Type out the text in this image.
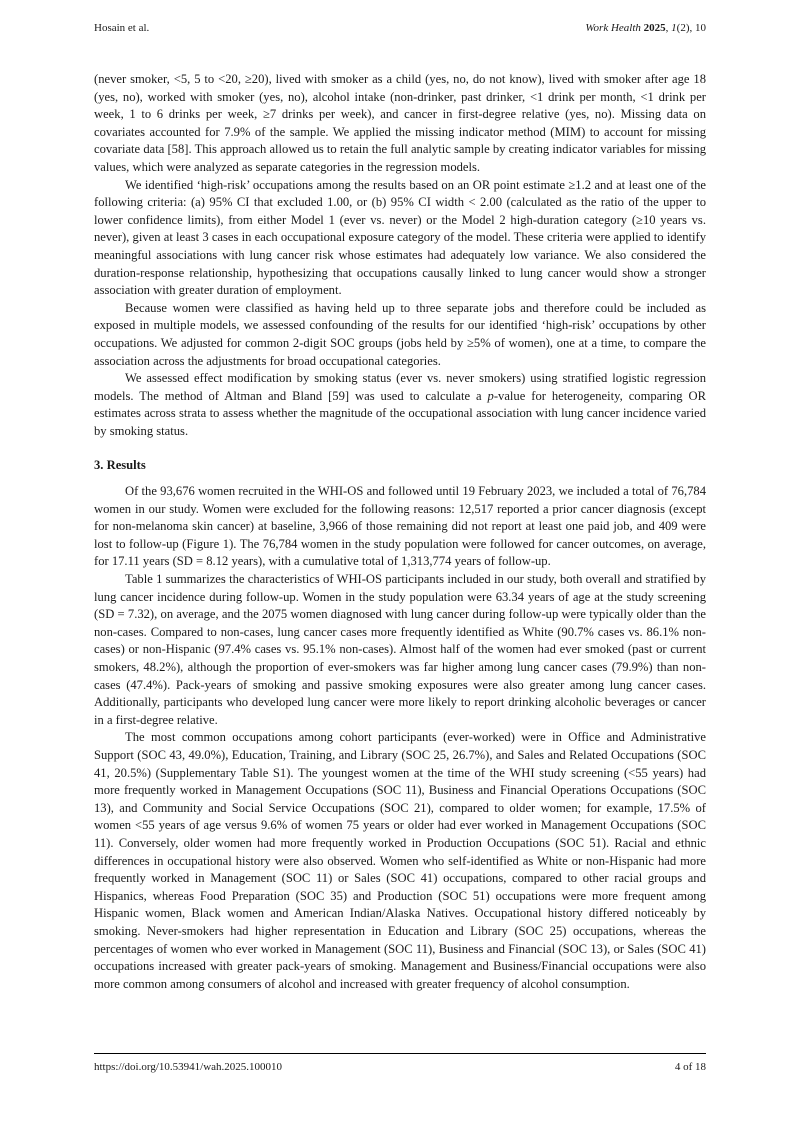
Hosain et al.	Work Health 2025, 1(2), 10

(never smoker, <5, 5 to <20, ≥20), lived with smoker as a child (yes, no, do not know), lived with smoker after age 18 (yes, no), worked with smoker (yes, no), alcohol intake (non-drinker, past drinker, <1 drink per month, <1 drink per week, 1 to 6 drinks per week, ≥7 drinks per week), and cancer in first-degree relative (yes, no). Missing data on covariates accounted for 7.9% of the sample. We applied the missing indicator method (MIM) to account for missing covariate data [58]. This approach allowed us to retain the full analytic sample by creating indicator variables for missing values, which were analyzed as separate categories in the regression models.

We identified ‘high-risk’ occupations among the results based on an OR point estimate ≥1.2 and at least one of the following criteria: (a) 95% CI that excluded 1.00, or (b) 95% CI width < 2.00 (calculated as the ratio of the upper to lower confidence limits), from either Model 1 (ever vs. never) or the Model 2 high-duration category (≥10 years vs. never), given at least 3 cases in each occupational exposure category of the model. These criteria were applied to identify meaningful associations with lung cancer risk whose estimates had adequately low variance. We also considered the duration-response relationship, hypothesizing that occupations causally linked to lung cancer would show a stronger association with greater duration of employment.

Because women were classified as having held up to three separate jobs and therefore could be included as exposed in multiple models, we assessed confounding of the results for our identified ‘high-risk’ occupations by other occupations. We adjusted for common 2-digit SOC groups (jobs held by ≥5% of women), one at a time, to compare the association across the adjustments for broad occupational categories.

We assessed effect modification by smoking status (ever vs. never smokers) using stratified logistic regression models. The method of Altman and Bland [59] was used to calculate a p-value for heterogeneity, comparing OR estimates across strata to assess whether the magnitude of the occupational association with lung cancer incidence varied by smoking status.

3. Results

Of the 93,676 women recruited in the WHI-OS and followed until 19 February 2023, we included a total of 76,784 women in our study. Women were excluded for the following reasons: 12,517 reported a prior cancer diagnosis (except for non-melanoma skin cancer) at baseline, 3,966 of those remaining did not report at least one paid job, and 409 were lost to follow-up (Figure 1). The 76,784 women in the study population were followed for cancer outcomes, on average, for 17.11 years (SD = 8.12 years), with a cumulative total of 1,313,774 years of follow-up.

Table 1 summarizes the characteristics of WHI-OS participants included in our study, both overall and stratified by lung cancer incidence during follow-up. Women in the study population were 63.34 years of age at the study screening (SD = 7.32), on average, and the 2075 women diagnosed with lung cancer during follow-up were typically older than the non-cases. Compared to non-cases, lung cancer cases more frequently identified as White (90.7% cases vs. 86.1% non-cases) or non-Hispanic (97.4% cases vs. 95.1% non-cases). Almost half of the women had ever smoked (past or current smokers, 48.2%), although the proportion of ever-smokers was far higher among lung cancer cases (79.9%) than non-cases (47.4%). Pack-years of smoking and passive smoking exposures were also greater among lung cancer cases. Additionally, participants who developed lung cancer were more likely to report drinking alcoholic beverages or cancer in a first-degree relative.

The most common occupations among cohort participants (ever-worked) were in Office and Administrative Support (SOC 43, 49.0%), Education, Training, and Library (SOC 25, 26.7%), and Sales and Related Occupations (SOC 41, 20.5%) (Supplementary Table S1). The youngest women at the time of the WHI study screening (<55 years) had more frequently worked in Management Occupations (SOC 11), Business and Financial Operations Occupations (SOC 13), and Community and Social Service Occupations (SOC 21), compared to older women; for example, 17.5% of women <55 years of age versus 9.6% of women 75 years or older had ever worked in Management Occupations (SOC 11). Conversely, older women had more frequently worked in Production Occupations (SOC 51). Racial and ethnic differences in occupational history were also observed. Women who self-identified as White or non-Hispanic had more frequently worked in Management (SOC 11) or Sales (SOC 41) occupations, compared to other racial groups and Hispanics, whereas Food Preparation (SOC 35) and Production (SOC 51) occupations were more frequent among Hispanic women, Black women and American Indian/Alaska Natives. Occupational history differed noticeably by smoking. Never-smokers had higher representation in Education and Library (SOC 25) occupations, whereas the percentages of women who ever worked in Management (SOC 11), Business and Financial (SOC 13), or Sales (SOC 41) occupations increased with greater pack-years of smoking. Management and Business/Financial occupations were also more common among consumers of alcohol and increased with greater frequency of alcohol consumption.

https://doi.org/10.53941/wah.2025.100010	4 of 18
